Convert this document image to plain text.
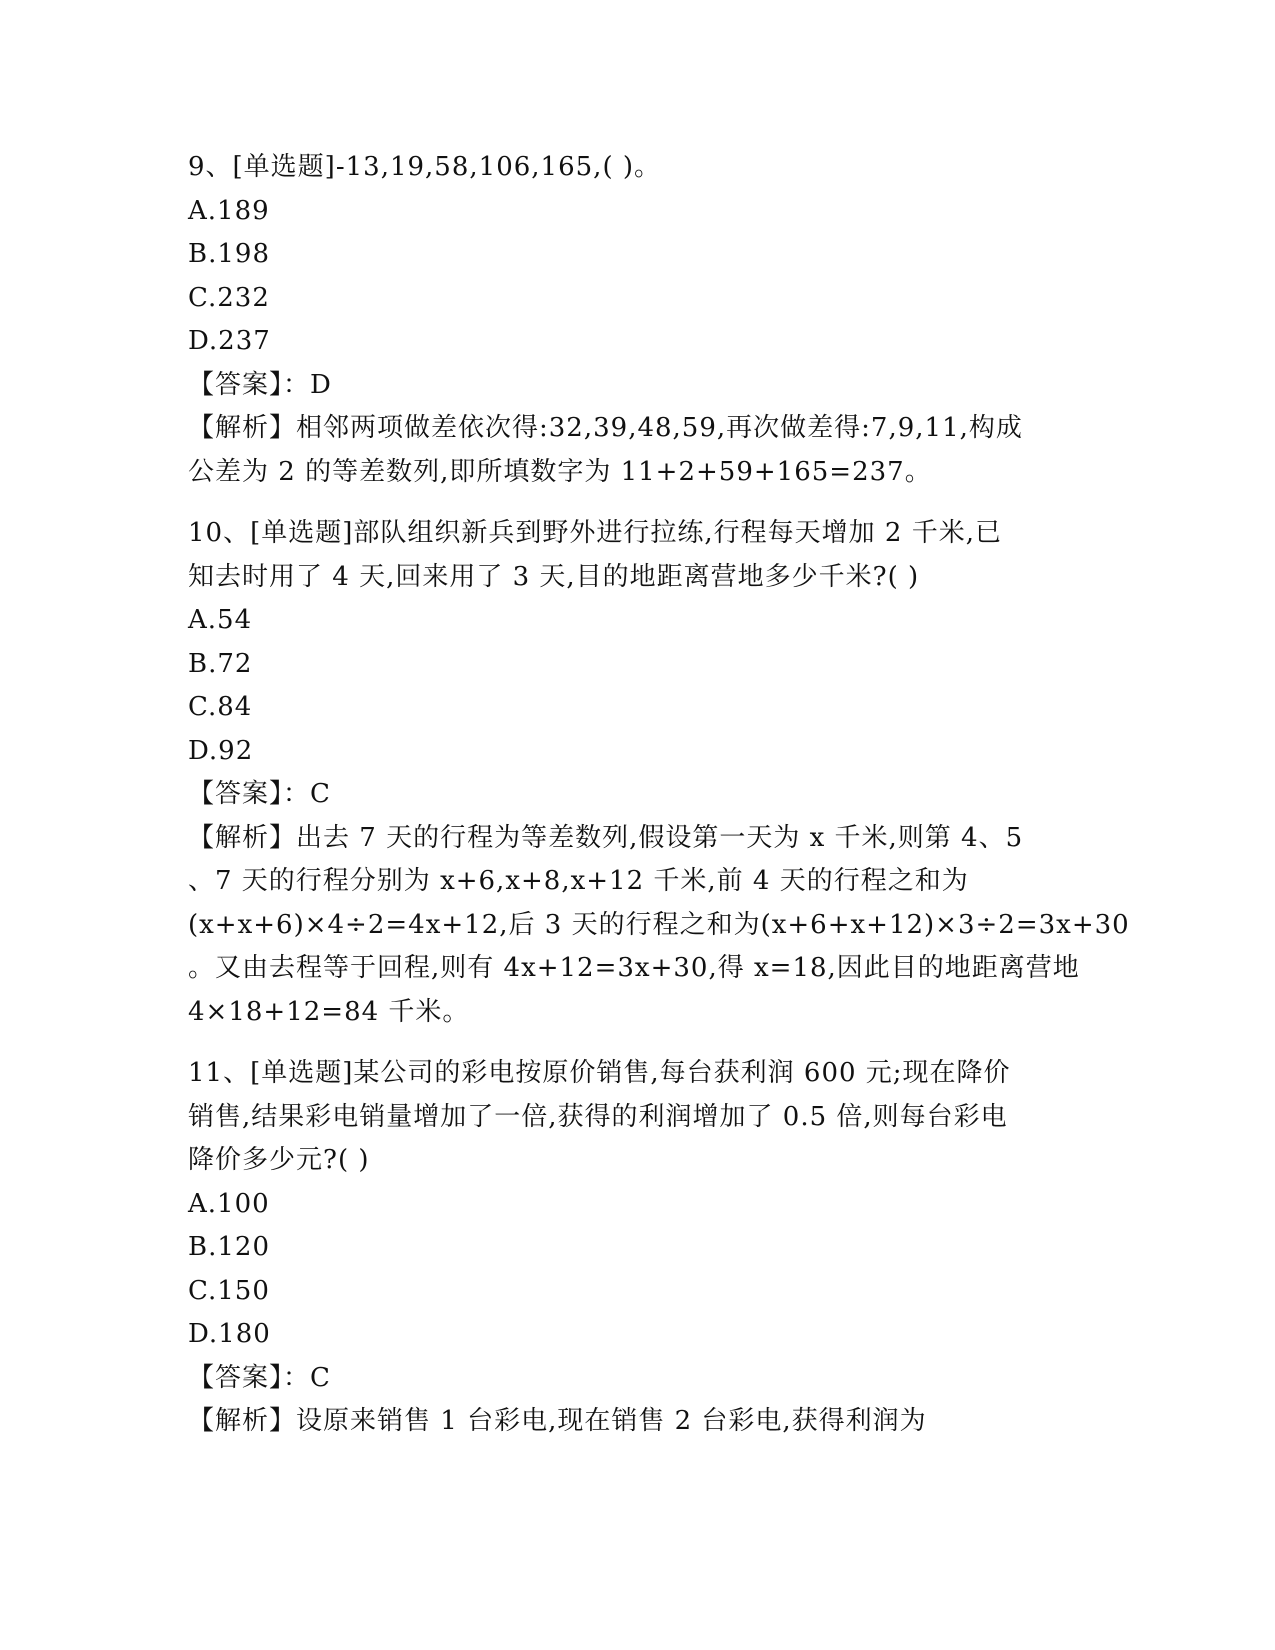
9、[单选题]-13,19,58,106,165,( )。

A.189

B.198

C.232

D.237

【答案】：D

【解析】相邻两项做差依次得:32,39,48,59,再次做差得:7,9,11,构成

公差为 2 的等差数列,即所填数字为 11+2+59+165=237。

10、[单选题]部队组织新兵到野外进行拉练,行程每天增加 2 千米,已

知去时用了 4 天,回来用了 3 天,目的地距离营地多少千米?( )

A.54

B.72

C.84

D.92

【答案】：C

【解析】出去 7 天的行程为等差数列,假设第一天为 x 千米,则第 4、5

、7 天的行程分别为 x+6,x+8,x+12 千米,前 4 天的行程之和为

(x+x+6)×4÷2=4x+12,后 3 天的行程之和为(x+6+x+12)×3÷2=3x+30

。又由去程等于回程,则有 4x+12=3x+30,得 x=18,因此目的地距离营地

4×18+12=84 千米。

11、[单选题]某公司的彩电按原价销售,每台获利润 600 元;现在降价

销售,结果彩电销量增加了一倍,获得的利润增加了 0.5 倍,则每台彩电

降价多少元?( )

A.100

B.120

C.150

D.180

【答案】：C

【解析】设原来销售 1 台彩电,现在销售 2 台彩电,获得利润为
